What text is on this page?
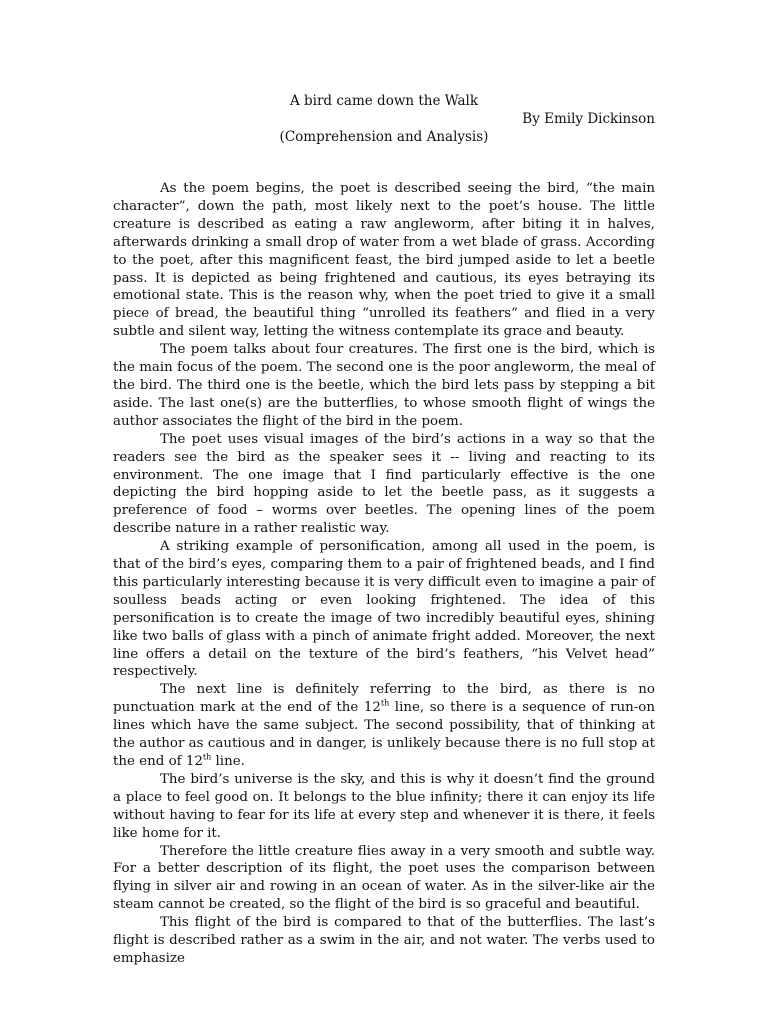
A bird came down the Walk
By Emily Dickinson
(Comprehension and Analysis)

As the poem begins, the poet is described seeing the bird, “the main character”, down the path, most likely next to the poet’s house. The little creature is described as eating a raw angleworm, after biting it in halves, afterwards drinking a small drop of water from a wet blade of grass. According to the poet, after this magnificent feast, the bird jumped aside to let a beetle pass. It is depicted as being frightened and cautious, its eyes betraying its emotional state. This is the reason why, when the poet tried to give it a small piece of bread, the beautiful thing “unrolled its feathers” and flied in a very subtle and silent way, letting the witness contemplate its grace and beauty.

The poem talks about four creatures. The first one is the bird, which is the main focus of the poem. The second one is the poor angleworm, the meal of the bird. The third one is the beetle, which the bird lets pass by stepping a bit aside. The last one(s) are the butterflies, to whose smooth flight of wings the author associates the flight of the bird in the poem.

The poet uses visual images of the bird’s actions in a way so that the readers see the bird as the speaker sees it -- living and reacting to its environment. The one image that I find particularly effective is the one depicting the bird hopping aside to let the beetle pass, as it suggests a preference of food – worms over beetles. The opening lines of the poem describe nature in a rather realistic way.

A striking example of personification, among all used in the poem, is that of the bird’s eyes, comparing them to a pair of frightened beads, and I find this particularly interesting because it is very difficult even to imagine a pair of soulless beads acting or even looking frightened. The idea of this personification is to create the image of two incredibly beautiful eyes, shining like two balls of glass with a pinch of animate fright added. Moreover, the next line offers a detail on the texture of the bird’s feathers, “his Velvet head” respectively.

The next line is definitely referring to the bird, as there is no punctuation mark at the end of the 12th line, so there is a sequence of run-on lines which have the same subject. The second possibility, that of thinking at the author as cautious and in danger, is unlikely because there is no full stop at the end of 12th line.

The bird’s universe is the sky, and this is why it doesn’t find the ground a place to feel good on. It belongs to the blue infinity; there it can enjoy its life without having to fear for its life at every step and whenever it is there, it feels like home for it.

Therefore the little creature flies away in a very smooth and subtle way. For a better description of its flight, the poet uses the comparison between flying in silver air and rowing in an ocean of water. As in the silver-like air the steam cannot be created, so the flight of the bird is so graceful and beautiful.

This flight of the bird is compared to that of the butterflies. The last’s flight is described rather as a swim in the air, and not water. The verbs used to emphasize
